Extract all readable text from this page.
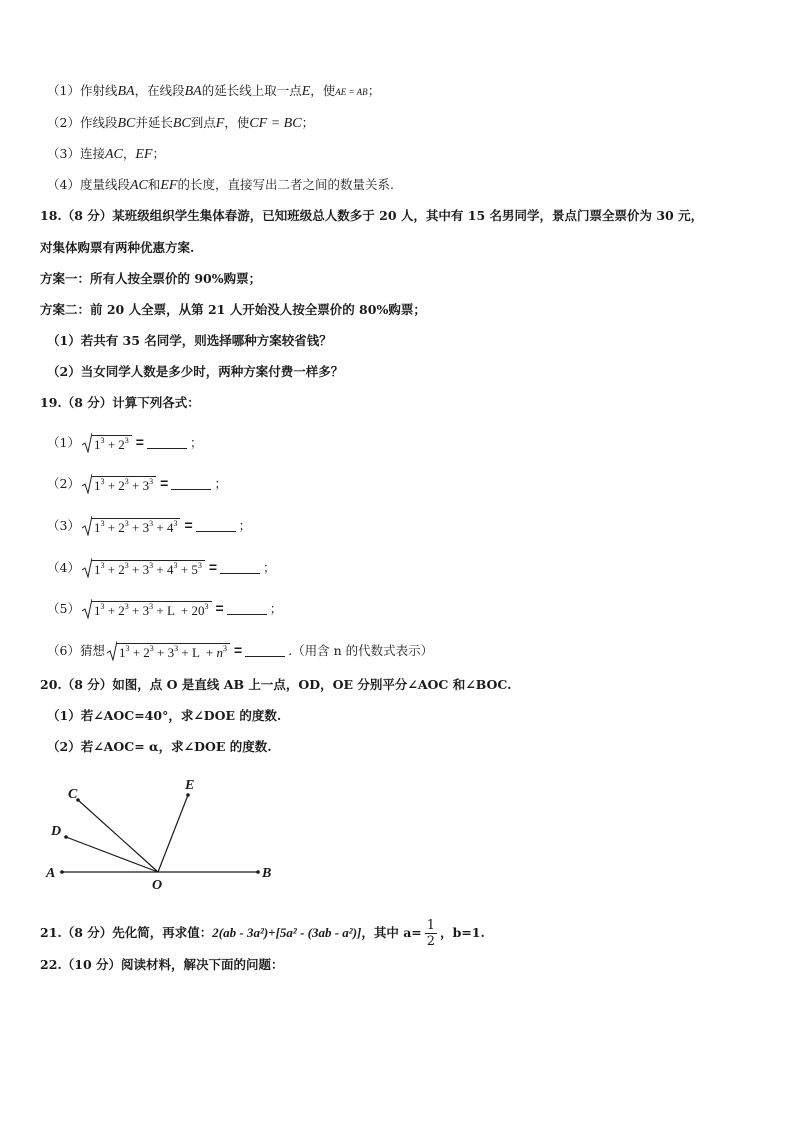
（1）作射线BA，在线段BA的延长线上取一点E，使AE = AB；
（2）作线段BC并延长BC到点F，使CF = BC；
（3）连接AC，EF；
（4）度量线段AC和EF的长度，直接写出二者之间的数量关系.
18.（8 分）某班级组织学生集体春游，已知班级总人数多于 20 人，其中有 15 名男同学，景点门票全票价为 30 元，
对集体购票有两种优惠方案.
方案一：所有人按全票价的 90%购票；
方案二：前 20 人全票，从第 21 人开始没人按全票价的 80%购票；
（1）若共有 35 名同学，则选择哪种方案较省钱？
（2）当女同学人数是多少时，两种方案付费一样多？
19.（8 分）计算下列各式：
（1） $1^3 + 2^3$ =	；
（2） $1^3 + 2^3 + 3^3$ =	；
（3） $1^3 + 2^3 + 3^3 + 4^3$ =	；
（4） $1^3 + 2^3 + 3^3 + 4^3 + 5^3$ =	；
（5） $1^3 + 2^3 + 3^3 + L + 20^3$ =	；
（6）猜想 $1^3 + 2^3 + 3^3 + L + n^3$ =	.（用含 n 的代数式表示）
20.（8 分）如图，点 O 是直线 AB 上一点，OD，OE 分别平分∠AOC 和∠BOC.
（1）若∠AOC=40°，求∠DOE 的度数.
（2）若∠AOC= α，求∠DOE 的度数.
A	B
C
D
E
O
21.（8 分）先化简，再求值：2(ab - 3a²)+[5a² - (3ab - a²)]，其中 $a= \frac{1}{2}$ ，b=1.
22.（10 分）阅读材料，解决下面的问题：
